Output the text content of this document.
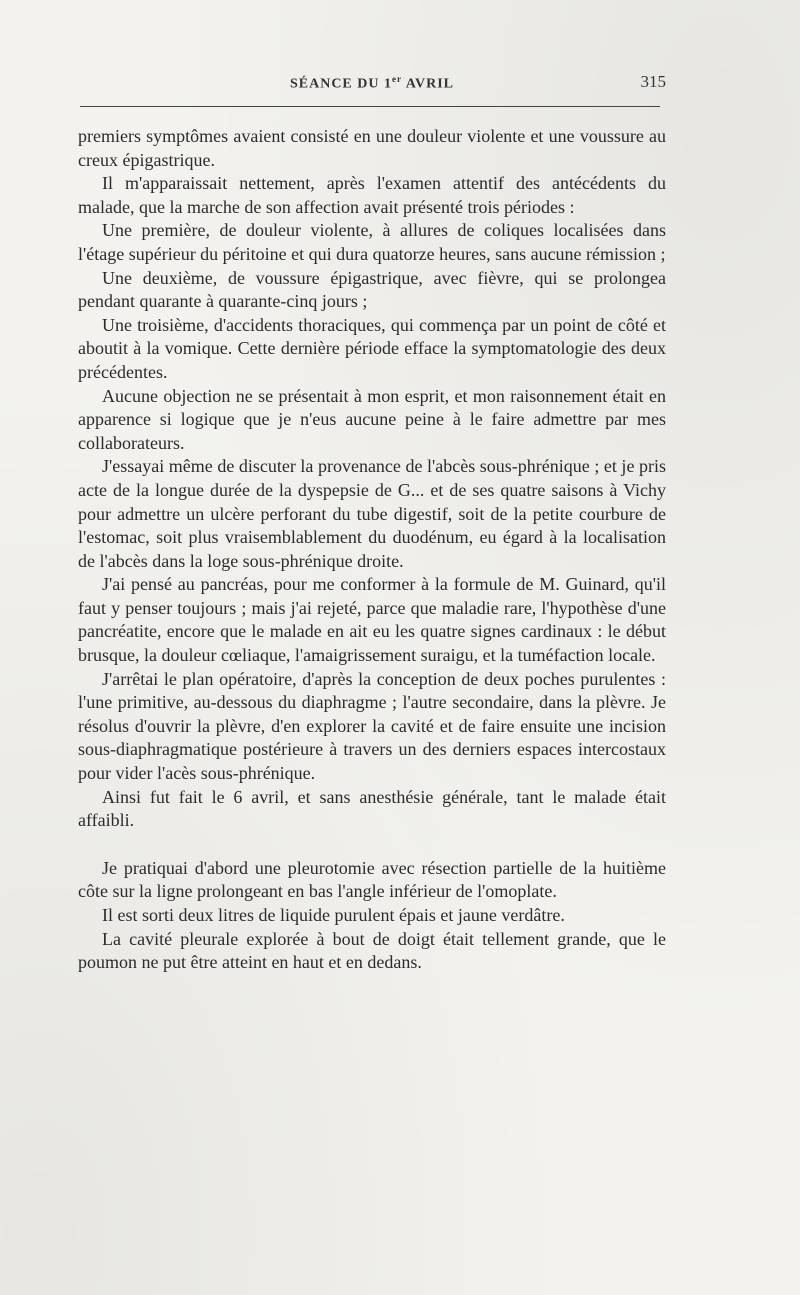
SÉANCE DU 1er AVRIL	315

premiers symptômes avaient consisté en une douleur violente et une voussure au creux épigastrique.

Il m'apparaissait nettement, après l'examen attentif des antécédents du malade, que la marche de son affection avait présenté trois périodes :

Une première, de douleur violente, à allures de coliques localisées dans l'étage supérieur du péritoine et qui dura quatorze heures, sans aucune rémission ;

Une deuxième, de voussure épigastrique, avec fièvre, qui se prolongea pendant quarante à quarante-cinq jours ;

Une troisième, d'accidents thoraciques, qui commença par un point de côté et aboutit à la vomique. Cette dernière période efface la symptomatologie des deux précédentes.

Aucune objection ne se présentait à mon esprit, et mon raisonnement était en apparence si logique que je n'eus aucune peine à le faire admettre par mes collaborateurs.

J'essayai même de discuter la provenance de l'abcès sous-phrénique ; et je pris acte de la longue durée de la dyspepsie de G... et de ses quatre saisons à Vichy pour admettre un ulcère perforant du tube digestif, soit de la petite courbure de l'estomac, soit plus vraisemblablement du duodénum, eu égard à la localisation de l'abcès dans la loge sous-phrénique droite.

J'ai pensé au pancréas, pour me conformer à la formule de M. Guinard, qu'il faut y penser toujours ; mais j'ai rejeté, parce que maladie rare, l'hypothèse d'une pancréatite, encore que le malade en ait eu les quatre signes cardinaux : le début brusque, la douleur cœliaque, l'amaigrissement suraigu, et la tuméfaction locale.

J'arrêtai le plan opératoire, d'après la conception de deux poches purulentes : l'une primitive, au-dessous du diaphragme ; l'autre secondaire, dans la plèvre. Je résolus d'ouvrir la plèvre, d'en explorer la cavité et de faire ensuite une incision sous-diaphragmatique postérieure à travers un des derniers espaces intercostaux pour vider l'acès sous-phrénique.

Ainsi fut fait le 6 avril, et sans anesthésie générale, tant le malade était affaibli.

Je pratiquai d'abord une pleurotomie avec résection partielle de la huitième côte sur la ligne prolongeant en bas l'angle inférieur de l'omoplate.

Il est sorti deux litres de liquide purulent épais et jaune verdâtre.

La cavité pleurale explorée à bout de doigt était tellement grande, que le poumon ne put être atteint en haut et en dedans.
